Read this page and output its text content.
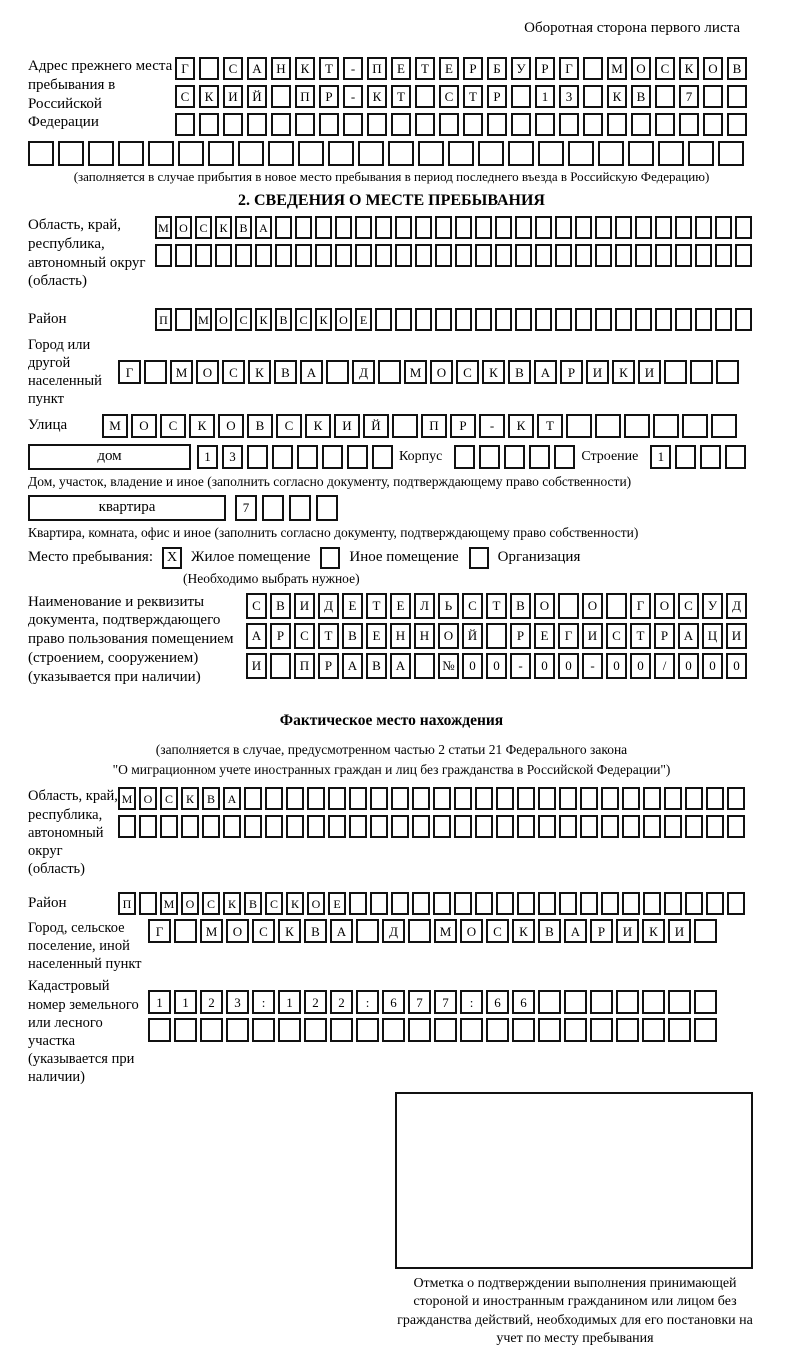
Оборотная сторона первого листа
Адрес прежнего места пребывания в Российской Федерации
Г	С	А	Н	К	Т	-	П	Е	Т	Е	Р	Б	У	Р	Г	М	О	С	К	О	В
С	К	И	Й	П	Р	-	К	Т	С	Т	Р	1	3	К	В	7
(заполняется в случае прибытия в новое место пребывания в период последнего въезда в Российскую Федерацию)
2. СВЕДЕНИЯ О МЕСТЕ ПРЕБЫВАНИЯ
Область, край, республика, автономный округ (область)
М О С К В А
Район	П	М О С К В С К О	Е
Город или другой населенный пункт
Г	М	О	С	К	В	А	Д	М	О	С	К	В	А	Р	И	К	И
Улица	М	О	С	К	О	В	С	К	И	Й	П	Р	-	К	Т
дом	1	3	Корпус	Строение	1
Дом, участок, владение и иное (заполнить согласно документу, подтверждающему право собственности)
квартира	7
Квартира, комната, офис и иное (заполнить согласно документу, подтверждающему право собственности)
Место пребывания: X Жилое помещение	Иное помещение	Организация
(Необходимо выбрать нужное)
Наименование и реквизиты документа, подтверждающего право пользования помещением (строением, сооружением) (указывается при наличии)
С	В	И	Д	Е	Т	Е	Л	Ь	С	Т	В	О	О	Г	О	С	У	Д
А	Р	С	Т	В	Е	Н	Н	О	Й	Р	Е	Г	И	С	Т	Р	А	Ц	И
И	П	Р	А	В	А	№	0	0	-	0	0	-	0	0	/	0	0	0
Фактическое место нахождения
(заполняется в случае, предусмотренном частью 2 статьи 21 Федерального закона
"О миграционном учете иностранных граждан и лиц без гражданства в Российской Федерации")
Область, край, республика, автономный округ (область)
М О	С	К	В	А
Район	П	М О	С	К	В	С	К	О	Е
Город, сельское поселение, иной населенный пункт
Г	М	О	С	К	В	А	Д	М	О	С	К	В	А	Р	И	К	И
Кадастровый номер земельного или лесного участка (указывается при наличии)
1	1	2	3	:	1	2	2	:	6	7	7	:	6	6
Отметка о подтверждении выполнения принимающей стороной и иностранным гражданином или лицом без гражданства действий, необходимых для его постановки на учет по месту пребывания
